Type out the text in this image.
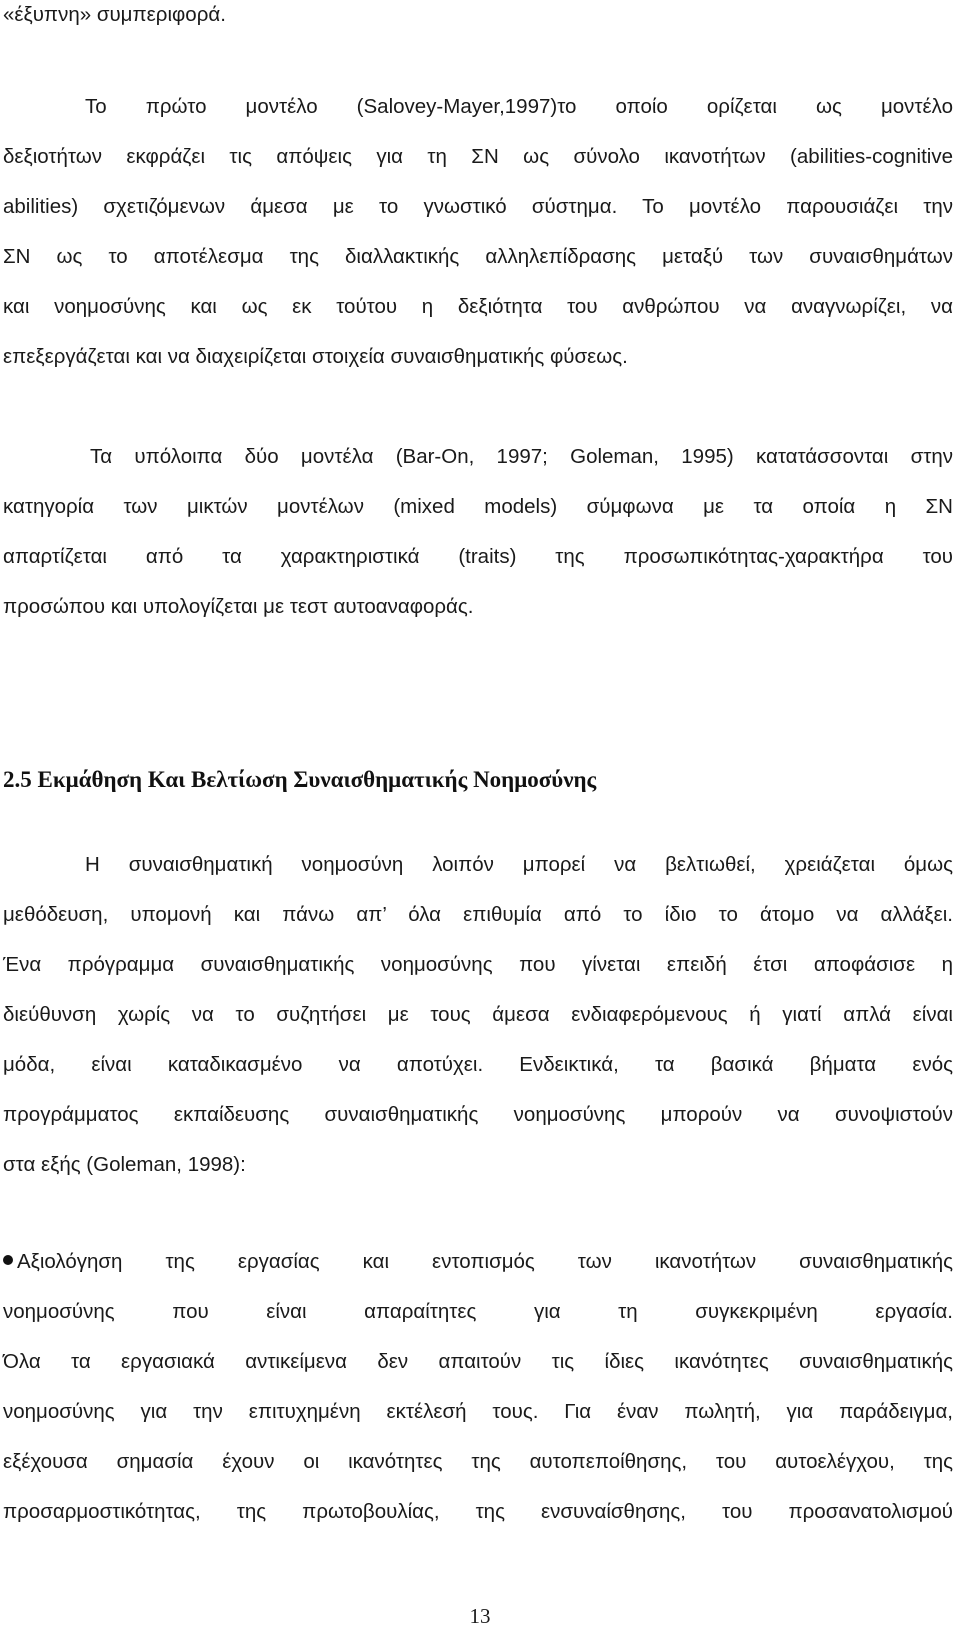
«έξυπνη» συμπεριφορά.
Το πρώτο μοντέλο (Salovey-Mayer,1997)το οποίο ορίζεται ως μοντέλο
δεξιοτήτων εκφράζει τις απόψεις για τη ΣΝ ως σύνολο ικανοτήτων (abilities-cognitive
abilities) σχετιζόμενων άμεσα με το γνωστικό σύστημα. Το μοντέλο παρουσιάζει την
ΣΝ ως το αποτέλεσμα της διαλλακτικής αλληλεπίδρασης μεταξύ των συναισθημάτων
και νοημοσύνης και ως εκ τούτου η δεξιότητα του ανθρώπου να αναγνωρίζει, να
επεξεργάζεται και να διαχειρίζεται στοιχεία συναισθηματικής φύσεως.
Τα υπόλοιπα δύο μοντέλα (Bar-On, 1997; Goleman, 1995) κατατάσσονται στην
κατηγορία των μικτών μοντέλων (mixed models) σύμφωνα με τα οποία η ΣΝ
απαρτίζεται από τα χαρακτηριστικά (traits) της προσωπικότητας-χαρακτήρα του
προσώπου και υπολογίζεται με τεστ αυτοαναφοράς.
2.5 Εκμάθηση Και Βελτίωση Συναισθηματικής Νοημοσύνης
Η συναισθηματική νοημοσύνη λοιπόν μπορεί να βελτιωθεί, χρειάζεται όμως
μεθόδευση, υπομονή και πάνω απ’ όλα επιθυμία από το ίδιο το άτομο να αλλάξει.
Ένα πρόγραμμα συναισθηματικής νοημοσύνης που γίνεται επειδή έτσι αποφάσισε η
διεύθυνση χωρίς να το συζητήσει με τους άμεσα ενδιαφερόμενους ή γιατί απλά είναι
μόδα, είναι καταδικασμένο να αποτύχει. Ενδεικτικά, τα βασικά βήματα ενός
προγράμματος εκπαίδευσης συναισθηματικής νοημοσύνης μπορούν να συνοψιστούν
στα εξής (Goleman, 1998):
Αξιολόγηση της εργασίας και εντοπισμός των ικανοτήτων συναισθηματικής
νοημοσύνης που είναι απαραίτητες για τη συγκεκριμένη εργασία.
Όλα τα εργασιακά αντικείμενα δεν απαιτούν τις ίδιες ικανότητες συναισθηματικής
νοημοσύνης για την επιτυχημένη εκτέλεσή τους. Για έναν πωλητή, για παράδειγμα,
εξέχουσα σημασία έχουν οι ικανότητες της αυτοπεποίθησης, του αυτοελέγχου, της
προσαρμοστικότητας, της πρωτοβουλίας, της ενσυναίσθησης, του προσανατολισμού
13
